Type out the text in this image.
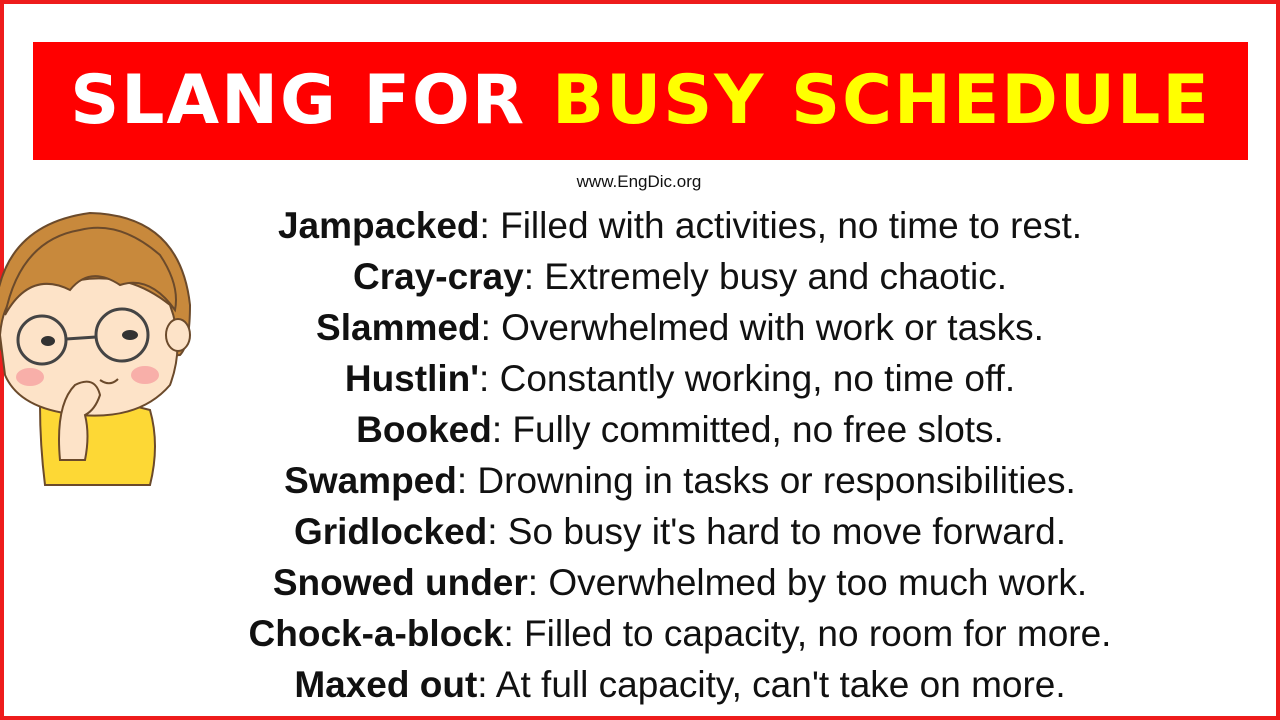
SLANG FOR BUSY SCHEDULE
www.EngDic.org
Jampacked: Filled with activities, no time to rest.
Cray-cray: Extremely busy and chaotic.
Slammed: Overwhelmed with work or tasks.
Hustlin': Constantly working, no time off.
Booked: Fully committed, no free slots.
Swamped: Drowning in tasks or responsibilities.
Gridlocked: So busy it's hard to move forward.
Snowed under: Overwhelmed by too much work.
Chock-a-block: Filled to capacity, no room for more.
Maxed out: At full capacity, can't take on more.
